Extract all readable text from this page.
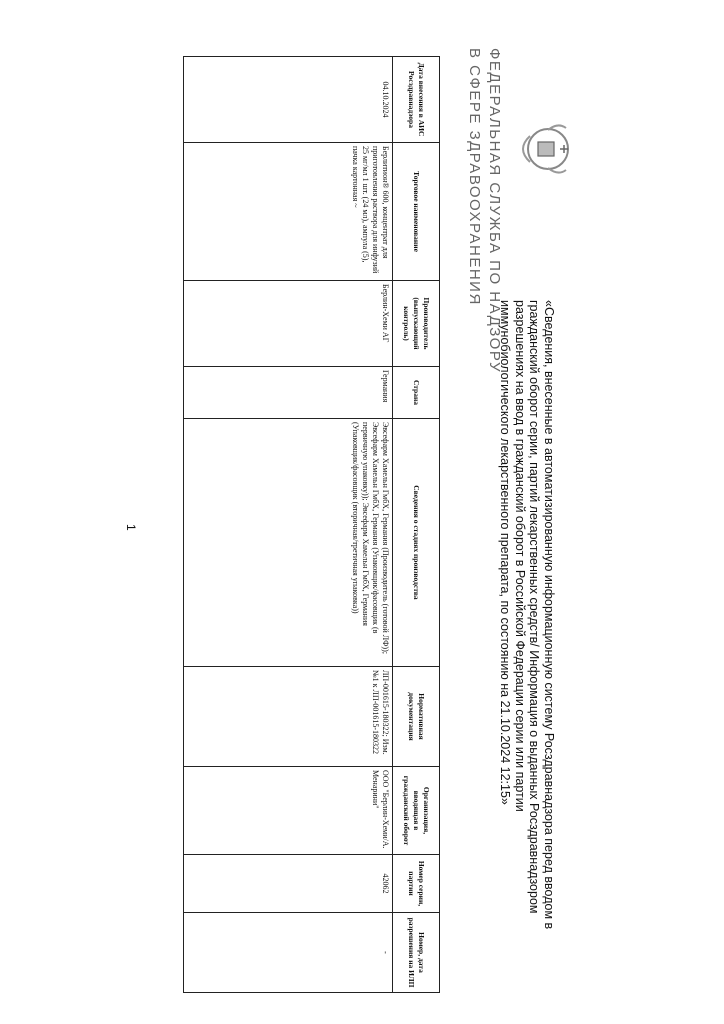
ФЕДЕРАЛЬНАЯ СЛУЖБА ПО НАДЗОРУ
В СФЕРЕ ЗДРАВООХРАНЕНИЯ
«Сведения, внесенные в автоматизированную информационную систему Росздравнадзора перед вводом в гражданский оборот серии, партий лекарственных средств/ Информация о выданных Росздравнадзором разрешениях на ввод в гражданский оборот в Российской Федерации серии или партии иммунобиологического лекарственного препарата, по состоянию на 21.10.2024 12:15»
Дата внесения в АИС Росздравнадзора	Торговое наименование	Производитель (выпускающий контроль)	Страна	Сведения о стадиях производства	Нормативная документация	Организация, вводящая в гражданский оборот	Номер серии, партии	Номер, дата разрешения на ИЛП
04.10.2024	Берлитион® 600, концентрат для приготовления раствора для инфузий 25 мг/мл 1 шт. (24 мл), ампула (5), пачка картонная ~	Берлин-Хеми АГ	Германия	Эвсефарм Хамельн ГмбХ, Германия (Производитель (готовой ЛФ)); Эвсефарм Хамельн ГмбХ, Германия (Упаковщик/фасовщик (в первичную упаковку)); Эвсефарм Хамельн ГмбХ, Германия (Упаковщик/фасовщик (вторичная/третичная упаковка))	ЛП-001615-180322; Изм. №1 к ЛП-001615-180322	ООО "Берлин-Хеми/А. Менарини"	42062	-
1
